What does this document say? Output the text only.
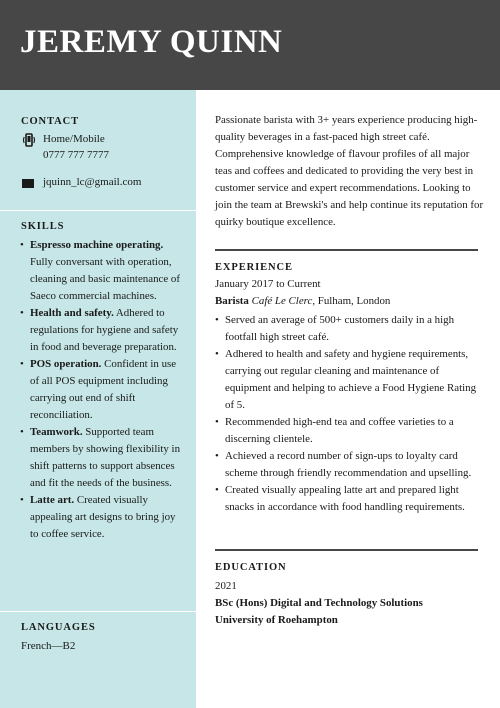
JEREMY QUINN
CONTACT
Home/Mobile
0777 777 7777
jquinn_lc@gmail.com
SKILLS
• Espresso machine operating. Fully conversant with operation, cleaning and basic maintenance of Saeco commercial machines.
• Health and safety. Adhered to regulations for hygiene and safety in food and beverage preparation.
• POS operation. Confident in use of all POS equipment including carrying out end of shift reconciliation.
• Teamwork. Supported team members by showing flexibility in shift patterns to support absences and fit the needs of the business.
• Latte art. Created visually appealing art designs to bring joy to coffee service.
LANGUAGES
French—B2
Passionate barista with 3+ years experience producing high-quality beverages in a fast-paced high street café. Comprehensive knowledge of flavour profiles of all major teas and coffees and dedicated to providing the very best in customer service and expert recommendations. Looking to join the team at Brewski's and help continue its reputation for quirky boutique excellence.
EXPERIENCE
January 2017 to Current
Barista Café Le Clerc, Fulham, London
• Served an average of 500+ customers daily in a high footfall high street café.
• Adhered to health and safety and hygiene requirements, carrying out regular cleaning and maintenance of equipment and helping to achieve a Food Hygiene Rating of 5.
• Recommended high-end tea and coffee varieties to a discerning clientele.
• Achieved a record number of sign-ups to loyalty card scheme through friendly recommendation and upselling.
• Created visually appealing latte art and prepared light snacks in accordance with food handling requirements.
EDUCATION
2021
BSc (Hons) Digital and Technology Solutions
University of Roehampton
